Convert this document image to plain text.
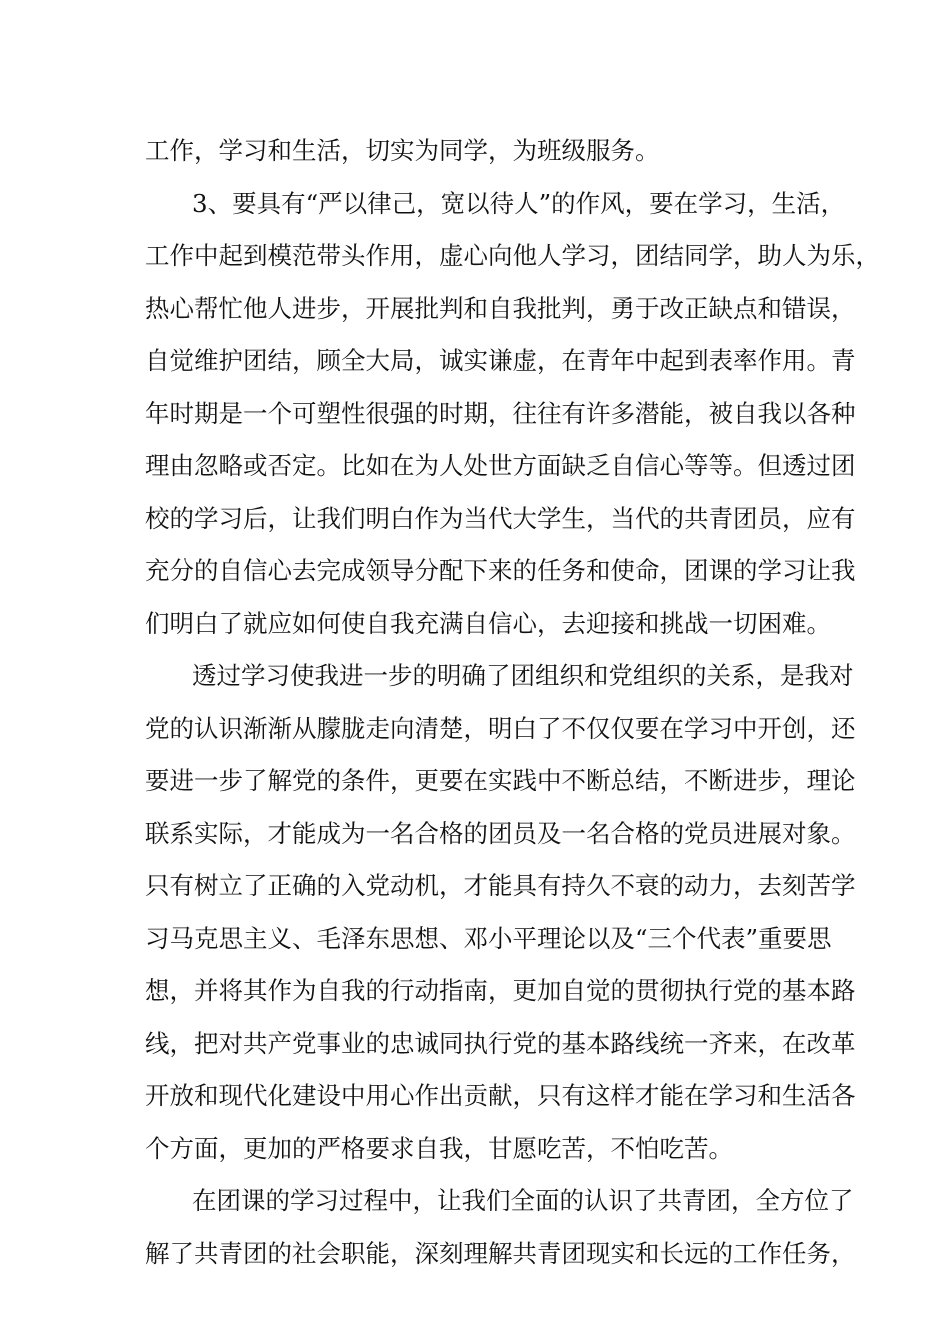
工作，学习和生活，切实为同学，为班级服务。
3、要具有“严以律己，宽以待人”的作风，要在学习，生活，
工作中起到模范带头作用，虚心向他人学习，团结同学，助人为乐，
热心帮忙他人进步，开展批判和自我批判，勇于改正缺点和错误，
自觉维护团结，顾全大局，诚实谦虚，在青年中起到表率作用。青
年时期是一个可塑性很强的时期，往往有许多潜能，被自我以各种
理由忽略或否定。比如在为人处世方面缺乏自信心等等。但透过团
校的学习后，让我们明白作为当代大学生，当代的共青团员，应有
充分的自信心去完成领导分配下来的任务和使命，团课的学习让我
们明白了就应如何使自我充满自信心，去迎接和挑战一切困难。
透过学习使我进一步的明确了团组织和党组织的关系，是我对
党的认识渐渐从朦胧走向清楚，明白了不仅仅要在学习中开创，还
要进一步了解党的条件，更要在实践中不断总结，不断进步，理论
联系实际，才能成为一名合格的团员及一名合格的党员进展对象。
只有树立了正确的入党动机，才能具有持久不衰的动力，去刻苦学
习马克思主义、毛泽东思想、邓小平理论以及“三个代表”重要思
想，并将其作为自我的行动指南，更加自觉的贯彻执行党的基本路
线，把对共产党事业的忠诚同执行党的基本路线统一齐来，在改革
开放和现代化建设中用心作出贡献，只有这样才能在学习和生活各
个方面，更加的严格要求自我，甘愿吃苦，不怕吃苦。
在团课的学习过程中，让我们全面的认识了共青团，全方位了
解了共青团的社会职能，深刻理解共青团现实和长远的工作任务，
